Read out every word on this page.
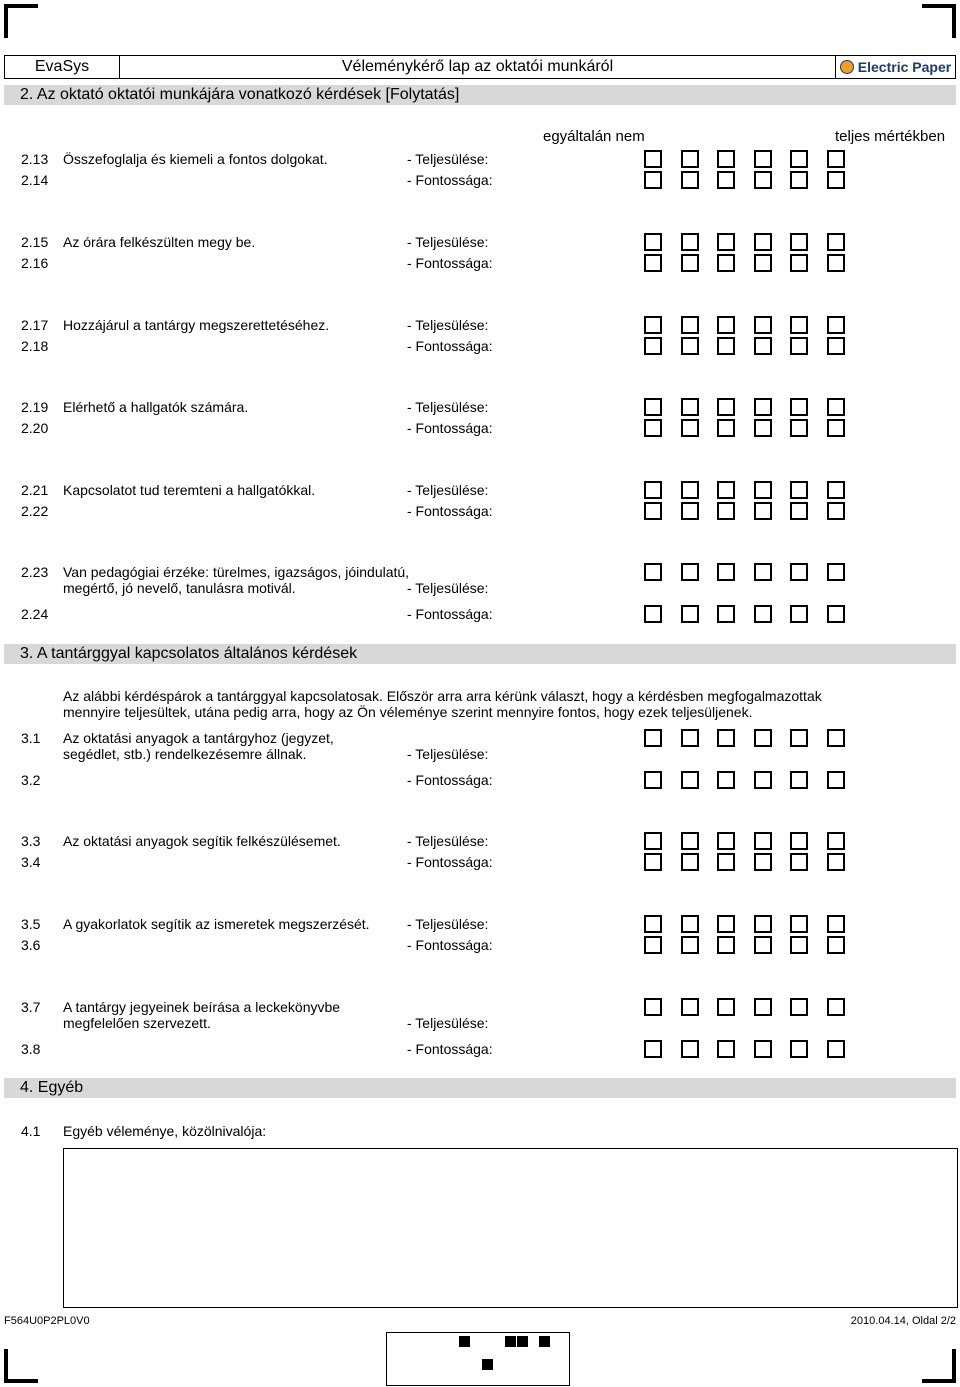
EvaSys	Véleménykérő lap az oktatói munkáról	Electric Paper
2. Az oktató oktatói munkájára vonatkozó kérdések [Folytatás]
egyáltalán nem	teljes mértékben
2.13 Összefoglalja és kiemeli a fontos dolgokat.	- Teljesülése:
2.14	- Fontossága:
2.15 Az órára felkészülten megy be.	- Teljesülése:
2.16	- Fontossága:
2.17 Hozzájárul a tantárgy megszerettetéséhez.	- Teljesülése:
2.18	- Fontossága:
2.19 Elérhető a hallgatók számára.	- Teljesülése:
2.20	- Fontossága:
2.21 Kapcsolatot tud teremteni a hallgatókkal.	- Teljesülése:
2.22	- Fontossága:
2.23 Van pedagógiai érzéke: türelmes, igazságos, jóindulatú,
megértő, jó nevelő, tanulásra motivál.	- Teljesülése:
2.24	- Fontossága:
3. A tantárggyal kapcsolatos általános kérdések
Az alábbi kérdéspárok a tantárggyal kapcsolatosak. Először arra arra kérünk választ, hogy a kérdésben megfogalmazottak
mennyire teljesültek, utána pedig arra, hogy az Ön véleménye szerint mennyire fontos, hogy ezek teljesüljenek.
3.1 Az oktatási anyagok a tantárgyhoz (jegyzet,
segédlet, stb.) rendelkezésemre állnak.	- Teljesülése:
3.2	- Fontossága:
3.3 Az oktatási anyagok segítik felkészülésemet.	- Teljesülése:
3.4	- Fontossága:
3.5 A gyakorlatok segítik az ismeretek megszerzését.	- Teljesülése:
3.6	- Fontossága:
3.7 A tantárgy jegyeinek beírása a leckekönyvbe
megfelelően szervezett.	- Teljesülése:
3.8	- Fontossága:
4. Egyéb
4.1 Egyéb véleménye, közölnivalója:
F564U0P2PL0V0	2010.04.14, Oldal 2/2
